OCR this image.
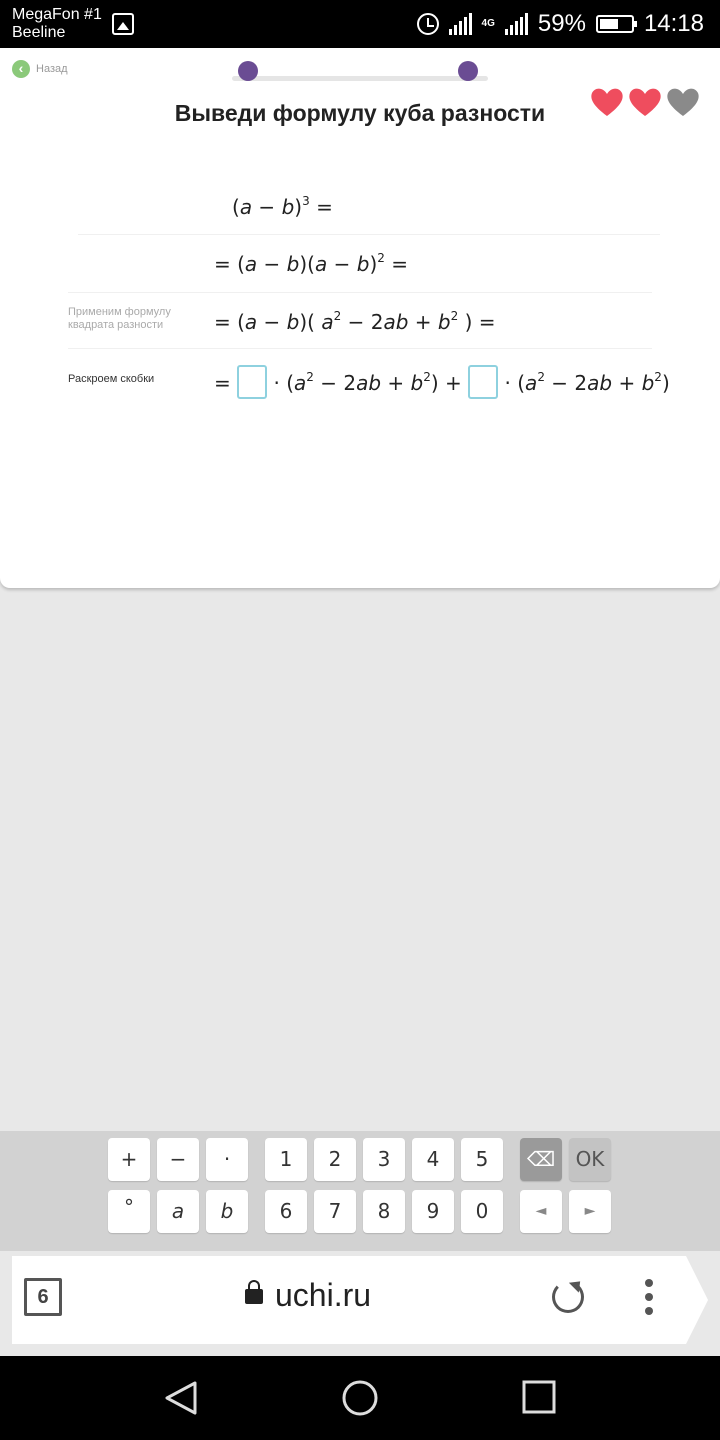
MegaFon #1
Beeline
4G 59% 14:18
‹	Назад
Выведи формулу куба разности
$(a - b)^3$ =
= $(a - b)(a - b)^2$ =
Применим формулу квадрата разности	= (a − b)( $a^2 - 2ab + b^2$ ) =
Раскроем скобки	=  · $(a^2 - 2ab + b^2)$ +  · $(a^2 - 2ab + b^2)$
+	−	·	1	2	3	4	5	⌫	OK
°	a	b	6	7	8	9	0	◄	►
6	uchi.ru
